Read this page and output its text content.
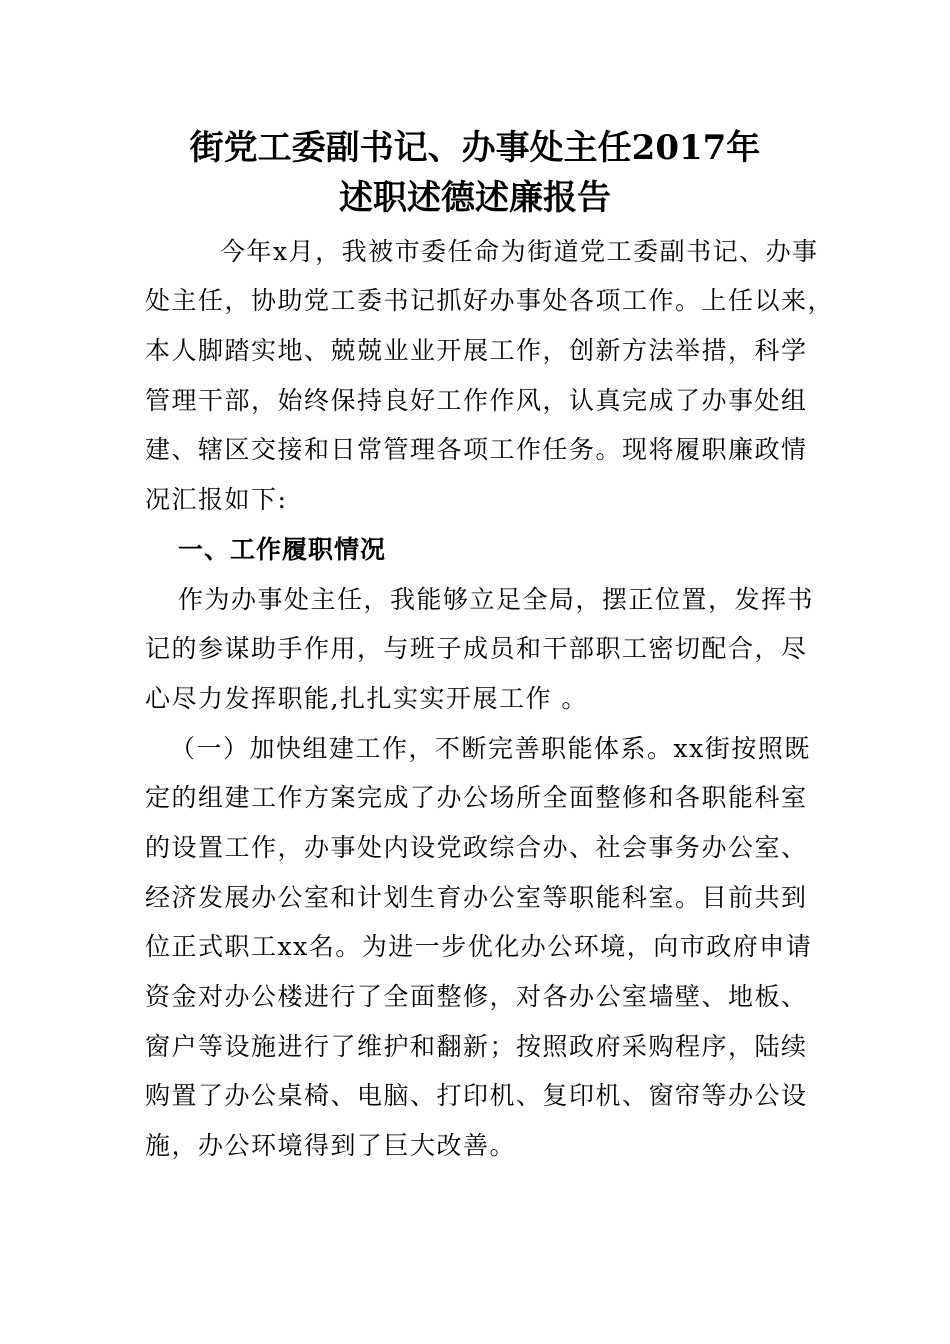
街党工委副书记、办事处主任2017年
述职述德述廉报告
今年x月，我被市委任命为街道党工委副书记、办事
处主任，协助党工委书记抓好办事处各项工作。上任以来，
本人脚踏实地、兢兢业业开展工作，创新方法举措，科学
管理干部，始终保持良好工作作风，认真完成了办事处组
建、辖区交接和日常管理各项工作任务。现将履职廉政情
况汇报如下:
一、工作履职情况
作为办事处主任，我能够立足全局，摆正位置，发挥书
记的参谋助手作用，与班子成员和干部职工密切配合，尽
心尽力发挥职能,扎扎实实开展工作 。
（一）加快组建工作，不断完善职能体系。xx街按照既
定的组建工作方案完成了办公场所全面整修和各职能科室
的设置工作，办事处内设党政综合办、社会事务办公室、
经济发展办公室和计划生育办公室等职能科室。目前共到
位正式职工xx名。为进一步优化办公环境，向市政府申请
资金对办公楼进行了全面整修，对各办公室墙壁、地板、
窗户等设施进行了维护和翻新；按照政府采购程序，陆续
购置了办公桌椅、电脑、打印机、复印机、窗帘等办公设
施，办公环境得到了巨大改善。
